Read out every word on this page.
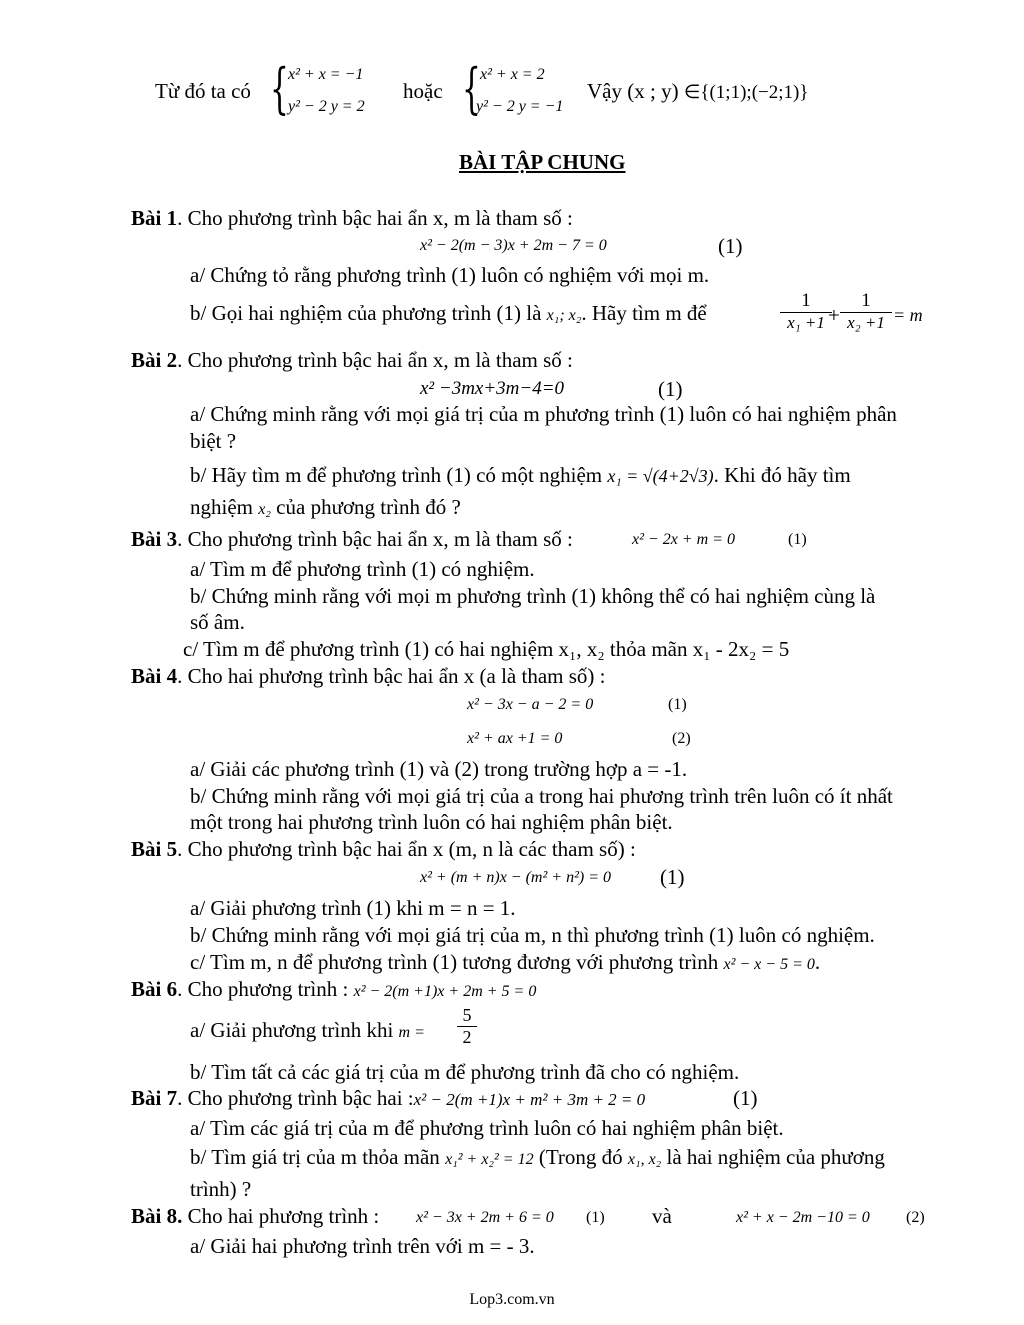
Từ đó ta có { x² + x = −1
y² − 2 y = 2
hoặc { x² + x = 2
y² − 2 y = −1
Vậy (x ; y) ∈{(1;1);(−2;1)}
BÀI TẬP CHUNG
Bài 1. Cho phương trình bậc hai ẩn x, m là tham số :
x² − 2(m − 3)x + 2m − 7 = 0	(1)
a/ Chứng tỏ rằng phương trình (1) luôn có nghiệm với mọi m.
b/ Gọi hai nghiệm của phương trình (1) là x₁; x₂. Hãy tìm m để	$\frac{1}{\text{x₁ +1}}$
+ $\frac{1}{\text{x₂ +1}} = m$
Bài 2. Cho phương trình bậc hai ẩn x, m là tham số :
x² −3mx+3m−4=0	(1)
a/ Chứng minh rằng với mọi giá trị của m phương trình (1) luôn có hai nghiệm phân
biệt ?
b/ Hãy tìm m để phương trình (1) có một nghiệm x₁ = √(4+2√3). Khi đó hãy tìm
nghiệm x₂ của phương trình đó ?
Bài 3. Cho phương trình bậc hai ẩn x, m là tham số :	x² − 2x + m = 0	(1)
a/ Tìm m để phương trình (1) có nghiệm.
b/ Chứng minh rằng với mọi m phương trình (1) không thể có hai nghiệm cùng là
số âm.
c/ Tìm m để phương trình (1) có hai nghiệm x₁, x₂ thỏa mãn x₁ - 2x₂ = 5
Bài 4. Cho hai phương trình bậc hai ẩn x (a là tham số) :
x² − 3x − a − 2 = 0	(1)
x² + ax +1 = 0	(2)
a/ Giải các phương trình (1) và (2) trong trường hợp a = -1.
b/ Chứng minh rằng với mọi giá trị của a trong hai phương trình trên luôn có ít nhất
một trong hai phương trình luôn có hai nghiệm phân biệt.
Bài 5. Cho phương trình bậc hai ẩn x (m, n là các tham số) :
x² + (m + n)x − (m² + n²) = 0 (1)
a/ Giải phương trình (1) khi m = n = 1.
b/ Chứng minh rằng với mọi giá trị của m, n thì phương trình (1) luôn có nghiệm.
c/ Tìm m, n để phương trình (1) tương đương với phương trình x² − x − 5 = 0.
Bài 6. Cho phương trình : x² − 2(m +1)x + 2m + 5 = 0
a/ Giải phương trình khi $m = \frac{5}{2}$
b/ Tìm tất cả các giá trị của m để phương trình đã cho có nghiệm.
Bài 7. Cho phương trình bậc hai :x² − 2(m +1)x + m² + 3m + 2 = 0	(1)
a/ Tìm các giá trị của m để phương trình luôn có hai nghiệm phân biệt.
b/ Tìm giá trị của m thỏa mãn x₁² + x₂² = 12 (Trong đó x₁, x₂ là hai nghiệm của phương
trình) ?
Bài 8. Cho hai phương trình : x² − 3x + 2m + 6 = 0 (1) và	x² + x − 2m −10 = 0 (2)
a/ Giải hai phương trình trên với m = - 3.
Lop3.com.vn
